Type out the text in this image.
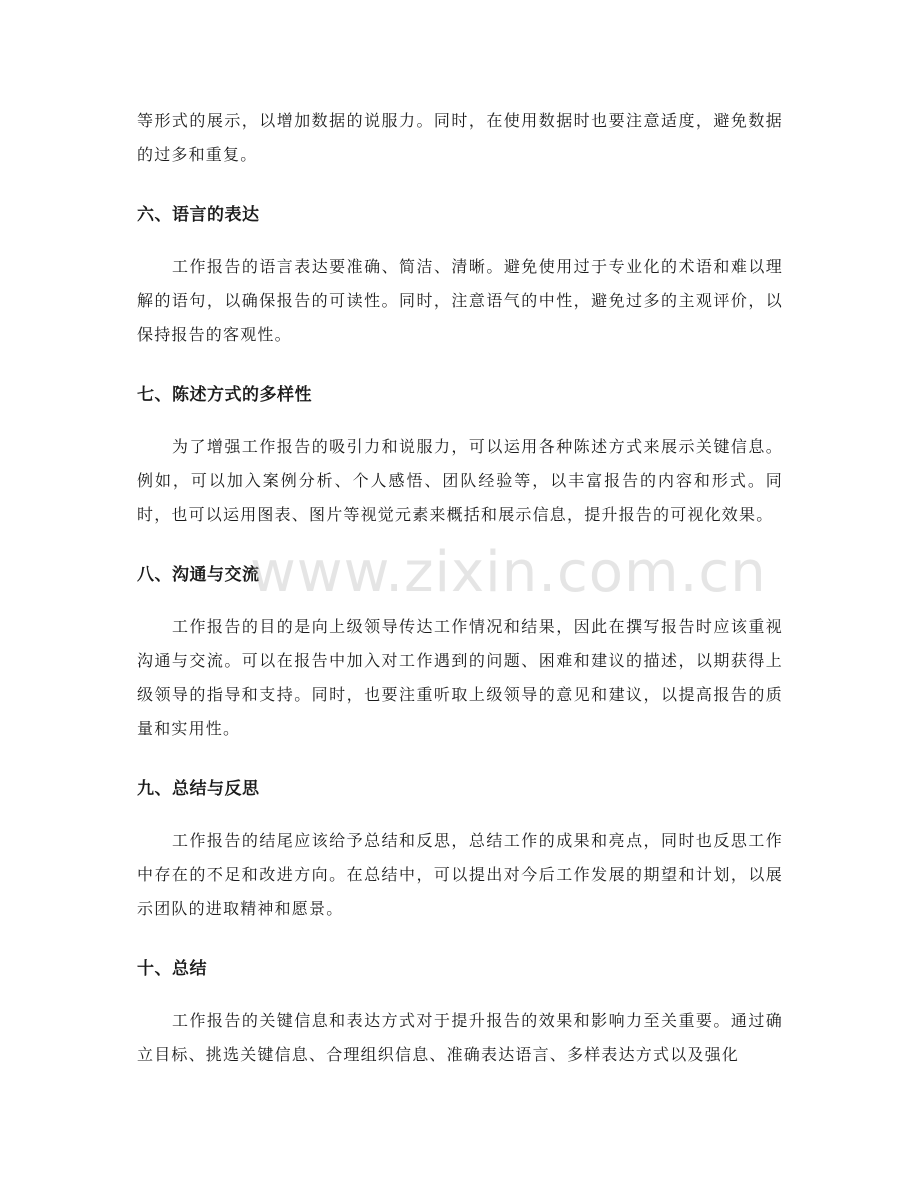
等形式的展示，以增加数据的说服力。同时，在使用数据时也要注意适度，避免数据的过多和重复。

六、语言的表达

工作报告的语言表达要准确、简洁、清晰。避免使用过于专业化的术语和难以理解的语句，以确保报告的可读性。同时，注意语气的中性，避免过多的主观评价，以保持报告的客观性。

七、陈述方式的多样性

为了增强工作报告的吸引力和说服力，可以运用各种陈述方式来展示关键信息。例如，可以加入案例分析、个人感悟、团队经验等，以丰富报告的内容和形式。同时，也可以运用图表、图片等视觉元素来概括和展示信息，提升报告的可视化效果。

八、沟通与交流

工作报告的目的是向上级领导传达工作情况和结果，因此在撰写报告时应该重视沟通与交流。可以在报告中加入对工作遇到的问题、困难和建议的描述，以期获得上级领导的指导和支持。同时，也要注重听取上级领导的意见和建议，以提高报告的质量和实用性。

九、总结与反思

工作报告的结尾应该给予总结和反思，总结工作的成果和亮点，同时也反思工作中存在的不足和改进方向。在总结中，可以提出对今后工作发展的期望和计划，以展示团队的进取精神和愿景。

十、总结

工作报告的关键信息和表达方式对于提升报告的效果和影响力至关重要。通过确立目标、挑选关键信息、合理组织信息、准确表达语言、多样表达方式以及强化

www.zixin.com.cn
